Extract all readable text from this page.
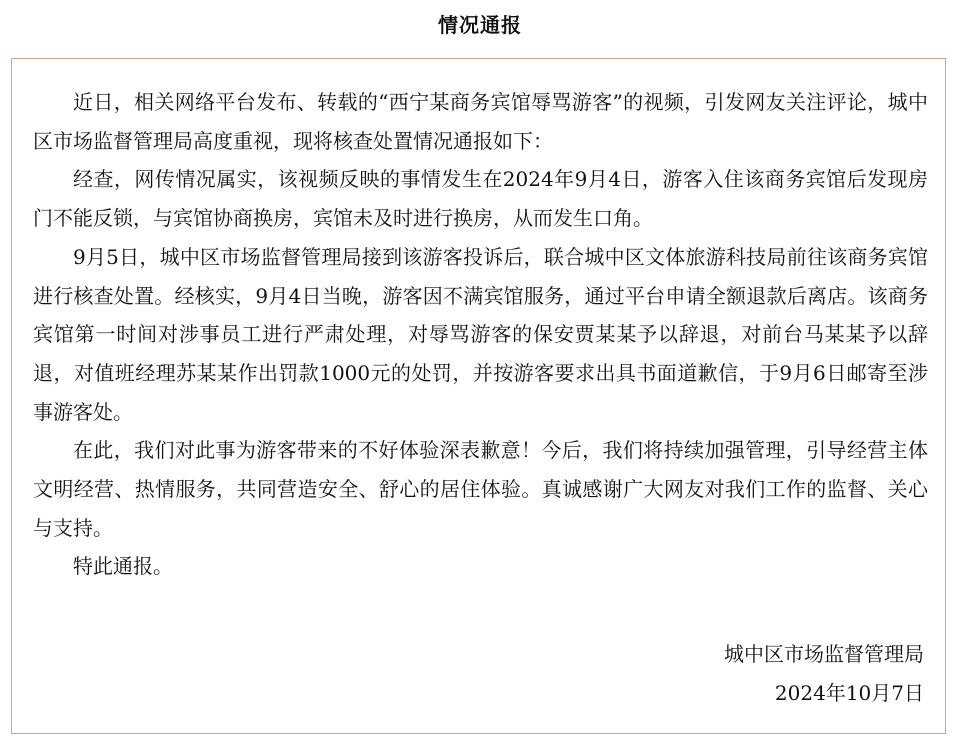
情况通报

近日，相关网络平台发布、转载的“西宁某商务宾馆辱骂游客”的视频，引发网友关注评论，城中区市场监督管理局高度重视，现将核查处置情况通报如下：

经查，网传情况属实，该视频反映的事情发生在2024年9月4日，游客入住该商务宾馆后发现房门不能反锁，与宾馆协商换房，宾馆未及时进行换房，从而发生口角。

9月5日，城中区市场监督管理局接到该游客投诉后，联合城中区文体旅游科技局前往该商务宾馆进行核查处置。经核实，9月4日当晚，游客因不满宾馆服务，通过平台申请全额退款后离店。该商务宾馆第一时间对涉事员工进行严肃处理，对辱骂游客的保安贾某某予以辞退，对前台马某某予以辞退，对值班经理苏某某作出罚款1000元的处罚，并按游客要求出具书面道歉信，于9月6日邮寄至涉事游客处。

在此，我们对此事为游客带来的不好体验深表歉意！今后，我们将持续加强管理，引导经营主体文明经营、热情服务，共同营造安全、舒心的居住体验。真诚感谢广大网友对我们工作的监督、关心与支持。

特此通报。

城中区市场监督管理局

2024年10月7日
